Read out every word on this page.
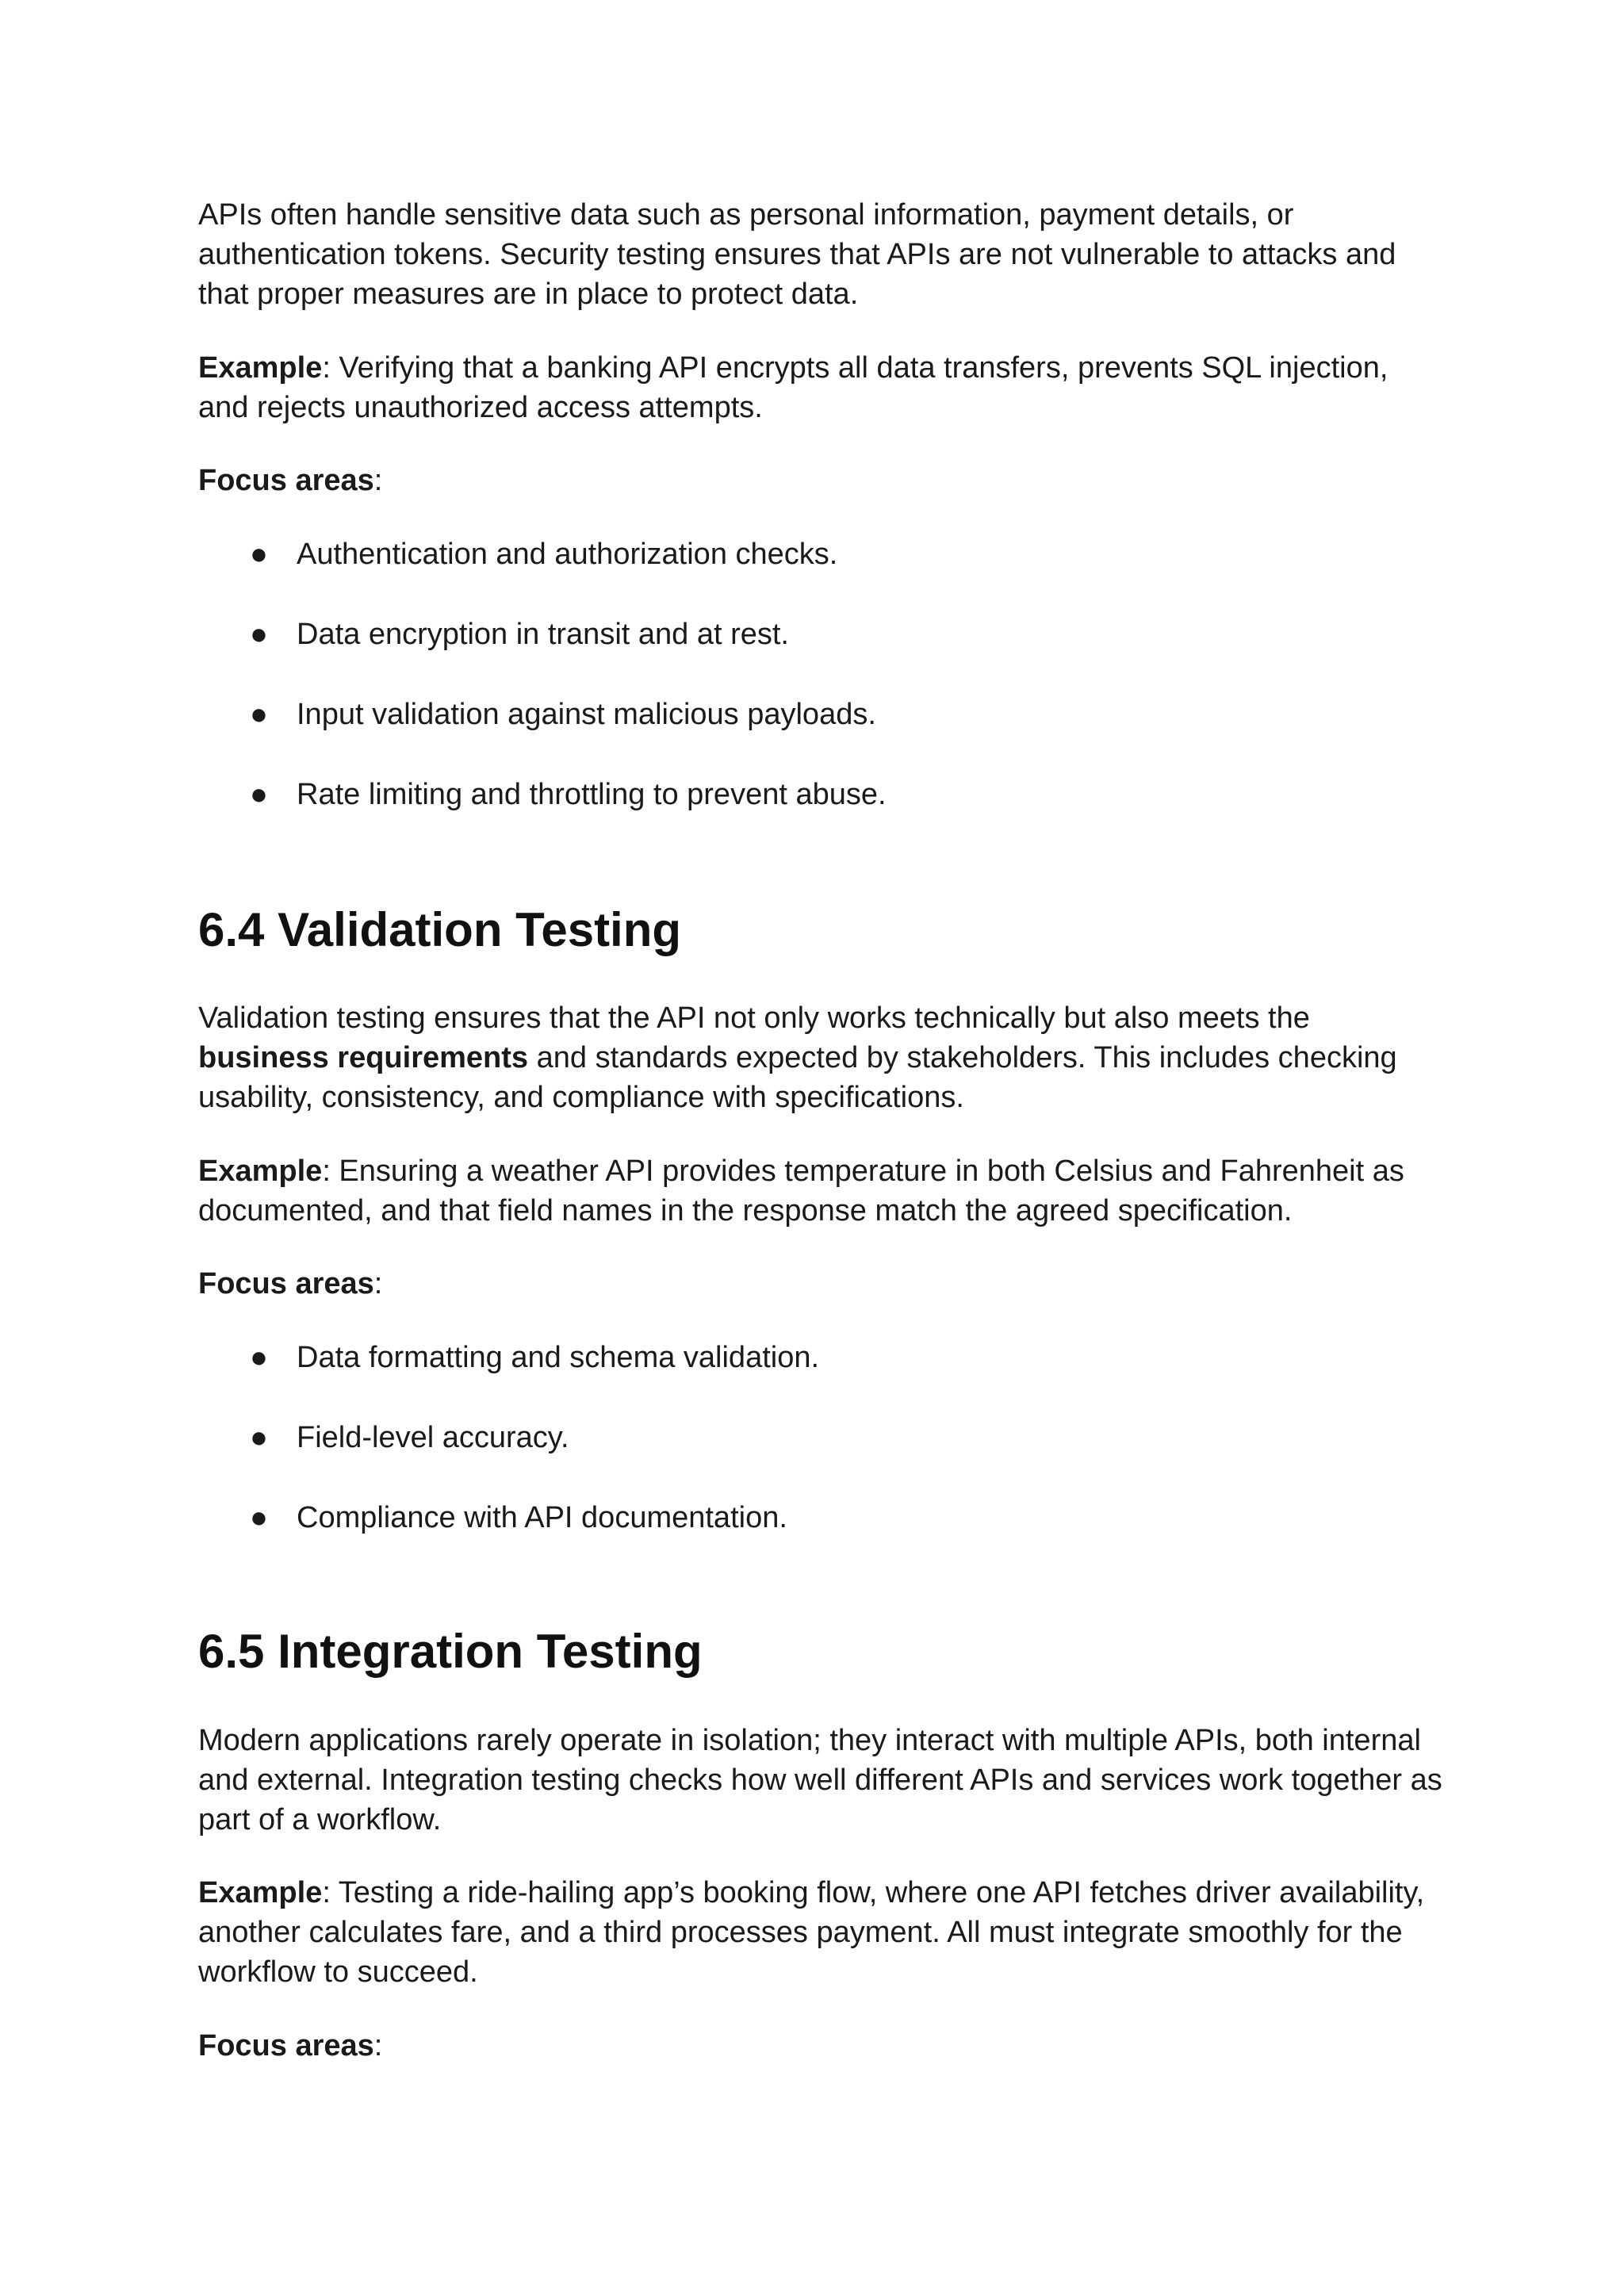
APIs often handle sensitive data such as personal information, payment details, or authentication tokens. Security testing ensures that APIs are not vulnerable to attacks and that proper measures are in place to protect data.

Example: Verifying that a banking API encrypts all data transfers, prevents SQL injection, and rejects unauthorized access attempts.

Focus areas:

● Authentication and authorization checks.
● Data encryption in transit and at rest.
● Input validation against malicious payloads.
● Rate limiting and throttling to prevent abuse.
6.4 Validation Testing

Validation testing ensures that the API not only works technically but also meets the business requirements and standards expected by stakeholders. This includes checking usability, consistency, and compliance with specifications.

Example: Ensuring a weather API provides temperature in both Celsius and Fahrenheit as documented, and that field names in the response match the agreed specification.

Focus areas:

● Data formatting and schema validation.
● Field-level accuracy.
● Compliance with API documentation.
6.5 Integration Testing

Modern applications rarely operate in isolation; they interact with multiple APIs, both internal and external. Integration testing checks how well different APIs and services work together as part of a workflow.

Example: Testing a ride-hailing app’s booking flow, where one API fetches driver availability, another calculates fare, and a third processes payment. All must integrate smoothly for the workflow to succeed.

Focus areas:
